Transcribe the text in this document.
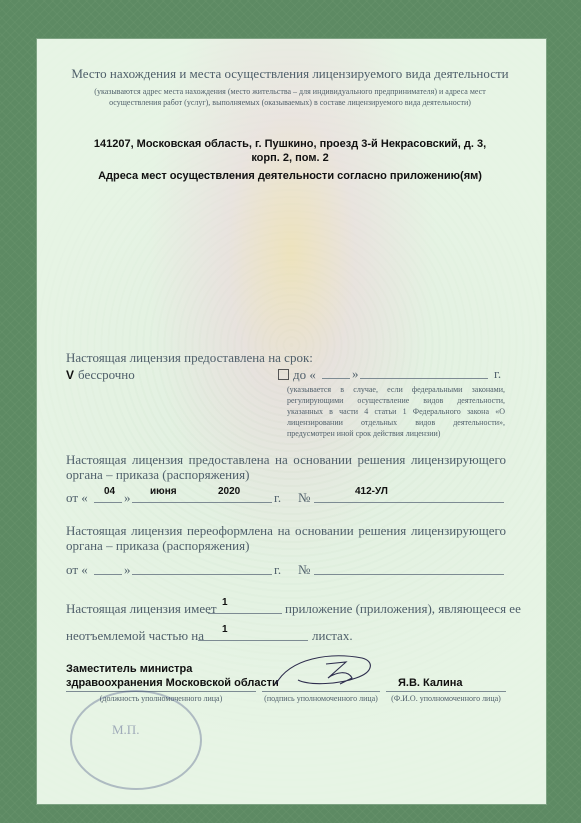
Место нахождения и места осуществления лицензируемого вида деятельности
(указываются адрес места нахождения (место жительства – для индивидуального предпринимателя) и адреса мест
осуществления работ (услуг), выполняемых (оказываемых) в составе лицензируемого вида деятельности)
141207, Московская область, г. Пушкино, проезд 3-й Некрасовский, д. 3,
корп. 2, пом. 2
Адреса мест осуществления деятельности согласно приложению(ям)
Настоящая лицензия предоставлена на срок:
V бессрочно	до «	»	г.
(указывается в случае, если федеральными законами, регулирующими осуществление видов деятельности, указанных в части 4 статьи 1 Федерального закона «О лицензировании отдельных видов деятельности», предусмотрен иной срок действия лицензии)
Настоящая лицензия предоставлена на основании решения лицензирующего
органа – приказа (распоряжения)
от « 04 » июня	2020	г. №	412-УЛ
Настоящая лицензия переоформлена на основании решения лицензирующего
органа – приказа (распоряжения)
от «	»	г. №
Настоящая лицензия имеет 1	приложение (приложения), являющееся ее
неотъемлемой частью на 1	листах.
Заместитель министра
здравоохранения Московской области	Я.В. Калина
(должность уполномоченного лица)	(подпись уполномоченного лица)	(Ф.И.О. уполномоченного лица)
М.П.
